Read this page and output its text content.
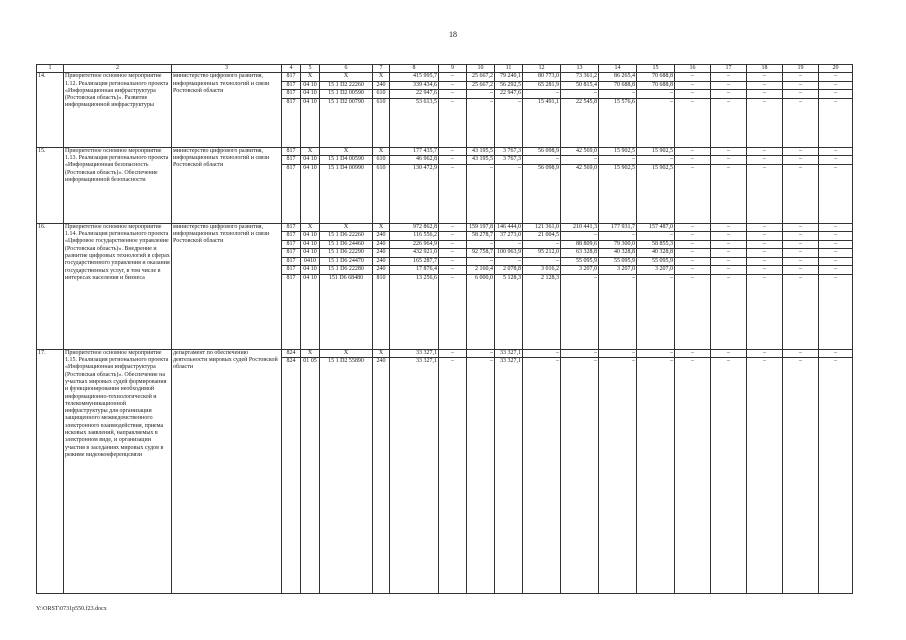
18
1	2	3	4	5	6	7	8	9	10	11	12	13	14	15	16	17	18	19	20
14.	Приоритетное основное мероприятие 1.12. Реализация регионального проекта «Информационная инфраструктура (Ростовская область)». Развитие информационной инфраструктуры	министерство цифрового развития, информационных технологий и связи Ростовской области	817	Х	Х	Х	415 995,7	–	25 667,2	79 240,1	80 773,0	73 361,2	86 265,4	70 688,8	–	–	–	–	–
			817	04 10	15 1 D2 22260	240	339 434,6	–	25 667,2	56 292,5	65 281,9	50 815,4	70 688,8	70 688,8	–	–	–	–	–
			817	04 10	15 1 D2 00590	610	22 947,6	–	–	22 947,6	–	–	–	–	–	–	–	–	–
			817	04 10	15 1 D2 00790	610	53 613,5	–	–	–	15 491,1	22 545,8	15 576,6	–	–	–	–	–	–
15.	Приоритетное основное мероприятие 1.13. Реализация регионального проекта «Информационная безопасность (Ростовская область)». Обеспечение информационной безопасности	министерство цифрового развития, информационных технологий и связи Ростовской области	817	Х	Х	Х	177 435,7	–	43 195,5	3 767,3	56 098,9	42 569,0	15 902,5	15 902,5	–	–	–	–	–
			817	04 10	15 1 D4 00590	610	46 962,8	–	43 195,5	3 767,3	–	–	–	–	–	–	–	–	–
			817	04 10	15 1 D4 00990	610	130 472,9	–	–	–	56 098,9	42 569,0	15 902,5	15 902,5	–	–	–	–	–
16.	Приоритетное основное мероприятие 1.14. Реализация регионального проекта «Цифровое государственное управление (Ростовская область)». Внедрение и развитие цифровых технологий в сферах государственного управления и оказания государственных услуг, в том числе в интересах населения и бизнеса	министерство цифрового развития, информационных технологий и связи Ростовской области	817	Х	Х	Х	972 862,8	–	159 197,8	146 444,0	121 361,0	210 441,3	177 931,7	157 487,0	–	–	–	–	–
			817	04 10	15 1 D6 22260	240	116 556,2	–	58 278,7	37 273,0	21 004,5	–	–	–	–	–	–	–	–
			817	04 10	15 1 D6 24460	240	226 964,9	–	–	–	–	88 809,6	79 300,0	58 855,3	–	–	–	–	–
			817	04 10	15 1 D6 22290	240	432 921,0	–	92 758,7	100 963,9	95 212,0	63 328,8	40 328,8	40 328,8	–	–	–	–	–
			817	0410	15 1 D6 24470	240	165 287,7	–	–	–	–	55 095,9	55 095,9	55 095,9	–	–	–	–	–
			817	04 10	15 1 D6 22280	240	17 876,4	–	2 160,4	2 078,8	3 016,2	3 207,0	3 207,0	3 207,0	–	–	–	–	–
			817	04 10	151 D6 68480	810	13 256,6	–	6 000,0	5 128,3	2 128,3	–	–	–	–	–	–	–	–
17.	Приоритетное основное мероприятие 1.15. Реализация регионального проекта «Информационная инфраструктура (Ростовская область)». Обеспечение на участках мировых судей формирования и функционирования необходимой информационно-технологической и телекоммуникационной инфраструктуры для организации защищенного межведомственного электронного взаимодействия, приема исковых заявлений, направляемых в электронном виде, и организации участия в заседаниях мировых судов в режиме видеоконференцсвязи	департамент по обеспечению деятельности мировых судей Ростовской области	824	Х	Х	Х	33 327,1	–	–	33 327,1	–	–	–	–	–	–	–	–	–
			824	01 05	15 1 D2 55890	240	33 327,1	–	–	33 327,1	–	–	–	–	–	–	–	–	–
Y:\ORST\0731p550.f23.docx
